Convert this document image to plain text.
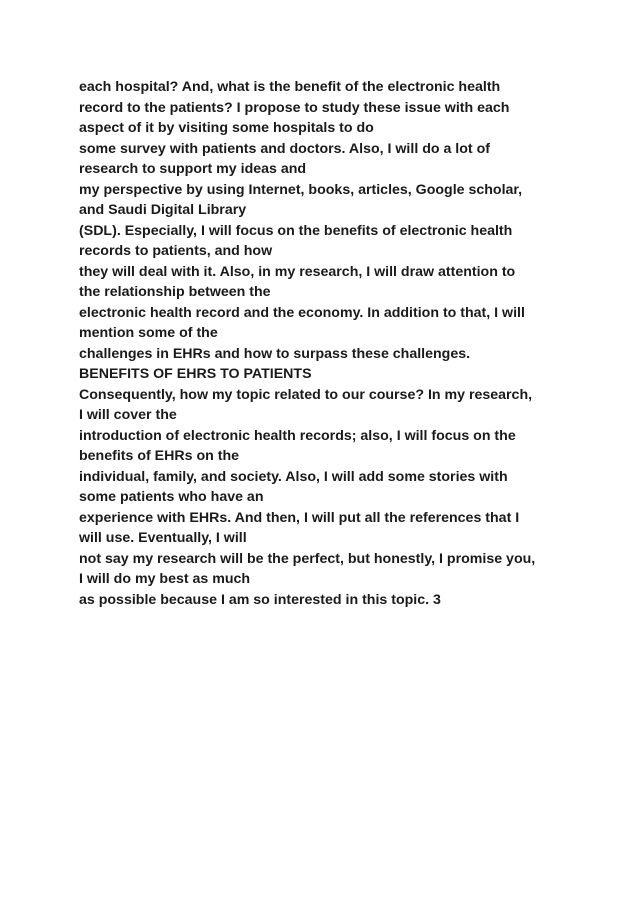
each hospital? And, what is the benefit of the electronic health
record to the patients? I propose to study these issue with each
aspect of it by visiting some hospitals to do
some survey with patients and doctors. Also, I will do a lot of
research to support my ideas and
my perspective by using Internet, books, articles, Google scholar,
and Saudi Digital Library
(SDL). Especially, I will focus on the benefits of electronic health
records to patients, and how
they will deal with it. Also, in my research, I will draw attention to
the relationship between the
electronic health record and the economy. In addition to that, I will
mention some of the
challenges in EHRs and how to surpass these challenges.
BENEFITS OF EHRS TO PATIENTS
Consequently, how my topic related to our course? In my research,
I will cover the
introduction of electronic health records; also, I will focus on the
benefits of EHRs on the
individual, family, and society. Also, I will add some stories with
some patients who have an
experience with EHRs. And then, I will put all the references that I
will use. Eventually, I will
not say my research will be the perfect, but honestly, I promise you,
I will do my best as much
as possible because I am so interested in this topic. 3
